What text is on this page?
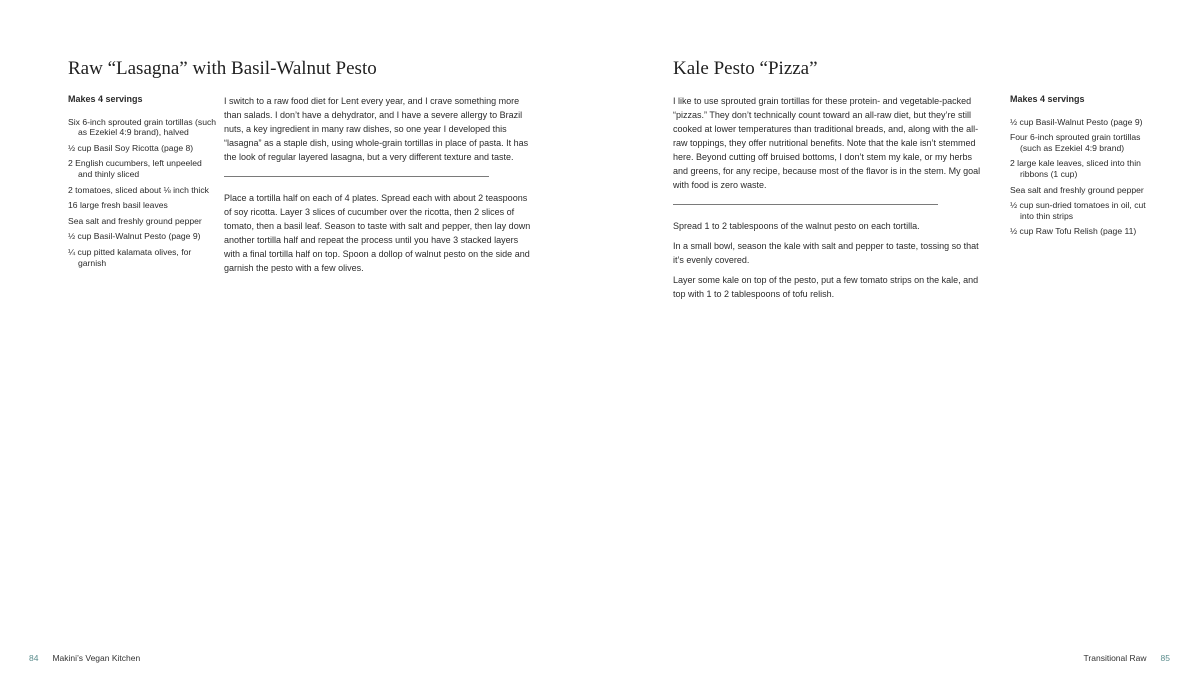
Raw “Lasagna” with Basil-Walnut Pesto
Makes 4 servings
Six 6-inch sprouted grain tortillas (such as Ezekiel 4:9 brand), halved
½ cup Basil Soy Ricotta (page 8)
2 English cucumbers, left unpeeled and thinly sliced
2 tomatoes, sliced about ⅛ inch thick
16 large fresh basil leaves
Sea salt and freshly ground pepper
½ cup Basil-Walnut Pesto (page 9)
¼ cup pitted kalamata olives, for garnish

I switch to a raw food diet for Lent every year, and I crave something more than salads. I don’t have a dehydrator, and I have a severe allergy to Brazil nuts, a key ingredient in many raw dishes, so one year I developed this “lasagna” as a staple dish, using whole-grain tortillas in place of pasta. It has the look of regular layered lasagna, but a very different texture and taste.

Place a tortilla half on each of 4 plates. Spread each with about 2 teaspoons of soy ricotta. Layer 3 slices of cucumber over the ricotta, then 2 slices of tomato, then a basil leaf. Season to taste with salt and pepper, then lay down another tortilla half and repeat the process until you have 3 stacked layers with a final tortilla half on top. Spoon a dollop of walnut pesto on the side and garnish the pesto with a few olives.

84 Makini’s Vegan Kitchen
Kale Pesto “Pizza”

I like to use sprouted grain tortillas for these protein- and vegetable-packed “pizzas.” They don’t technically count toward an all-raw diet, but they’re still cooked at lower temperatures than traditional breads, and, along with the all-raw toppings, they offer nutritional benefits. Note that the kale isn’t stemmed here. Beyond cutting off bruised bottoms, I don’t stem my kale, or my herbs and greens, for any recipe, because most of the flavor is in the stem. My goal with food is zero waste.

Spread 1 to 2 tablespoons of the walnut pesto on each tortilla.

In a small bowl, season the kale with salt and pepper to taste, tossing so that it’s evenly covered.

Layer some kale on top of the pesto, put a few tomato strips on the kale, and top with 1 to 2 tablespoons of tofu relish.

Makes 4 servings
½ cup Basil-Walnut Pesto (page 9)
Four 6-inch sprouted grain tortillas (such as Ezekiel 4:9 brand)
2 large kale leaves, sliced into thin ribbons (1 cup)
Sea salt and freshly ground pepper
½ cup sun-dried tomatoes in oil, cut into thin strips
½ cup Raw Tofu Relish (page 11)
Transitional Raw 85
